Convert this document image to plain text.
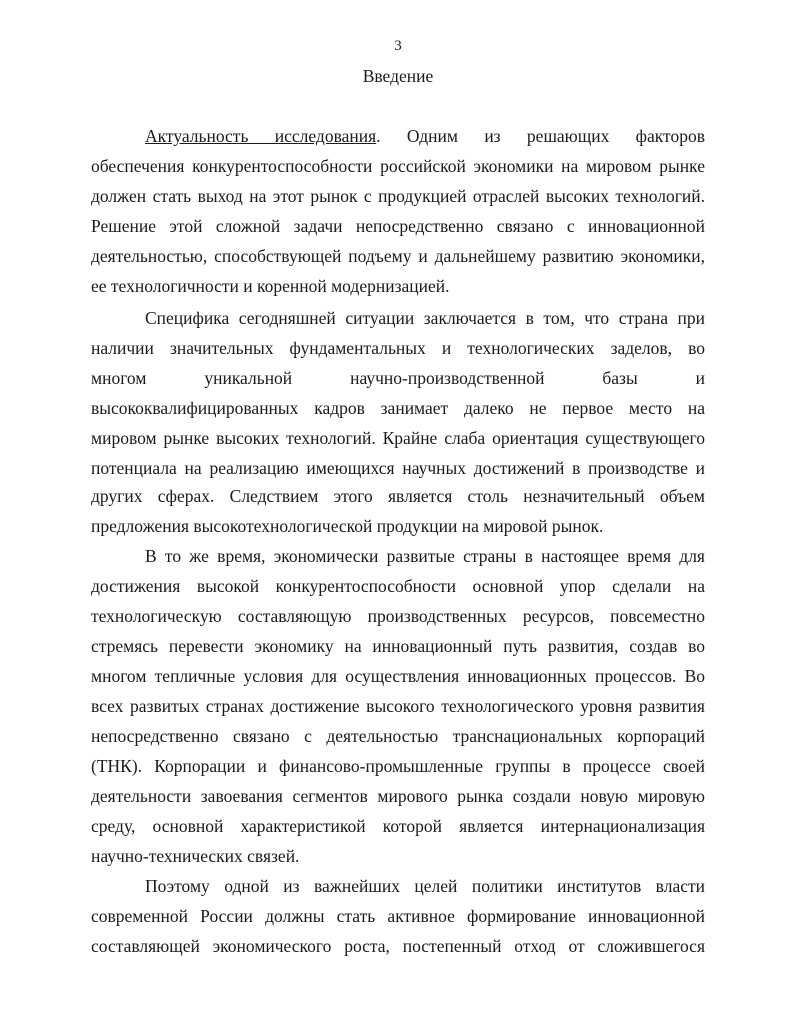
3
Введение
Актуальность исследования. Одним из решающих факторов
обеспечения конкурентоспособности российской экономики на мировом рынке
должен стать выход на этот рынок с продукцией отраслей высоких технологий.
Решение этой сложной задачи непосредственно связано с инновационной
деятельностью, способствующей подъему и дальнейшему развитию экономики,
ее технологичности и коренной модернизацией.
Специфика сегодняшней ситуации заключается в том, что страна при
наличии значительных фундаментальных и технологических заделов, во
многом уникальной научно-производственной базы и
высококвалифицированных кадров занимает далеко не первое место на
мировом рынке высоких технологий. Крайне слаба ориентация существующего
потенциала на реализацию имеющихся научных достижений в производстве и
других сферах. Следствием этого является столь незначительный объем
предложения высокотехнологической продукции на мировой рынок.
В то же время, экономически развитые страны в настоящее время для
достижения высокой конкурентоспособности основной упор сделали на
технологическую составляющую производственных ресурсов, повсеместно
стремясь перевести экономику на инновационный путь развития, создав во
многом тепличные условия для осуществления инновационных процессов. Во
всех развитых странах достижение высокого технологического уровня развития
непосредственно связано с деятельностью транснациональных корпораций
(ТНК). Корпорации и финансово-промышленные группы в процессе своей
деятельности завоевания сегментов мирового рынка создали новую мировую
среду, основной характеристикой которой является интернационализация
научно-технических связей.
Поэтому одной из важнейших целей политики институтов власти
современной России должны стать активное формирование инновационной
составляющей экономического роста, постепенный отход от сложившегося
